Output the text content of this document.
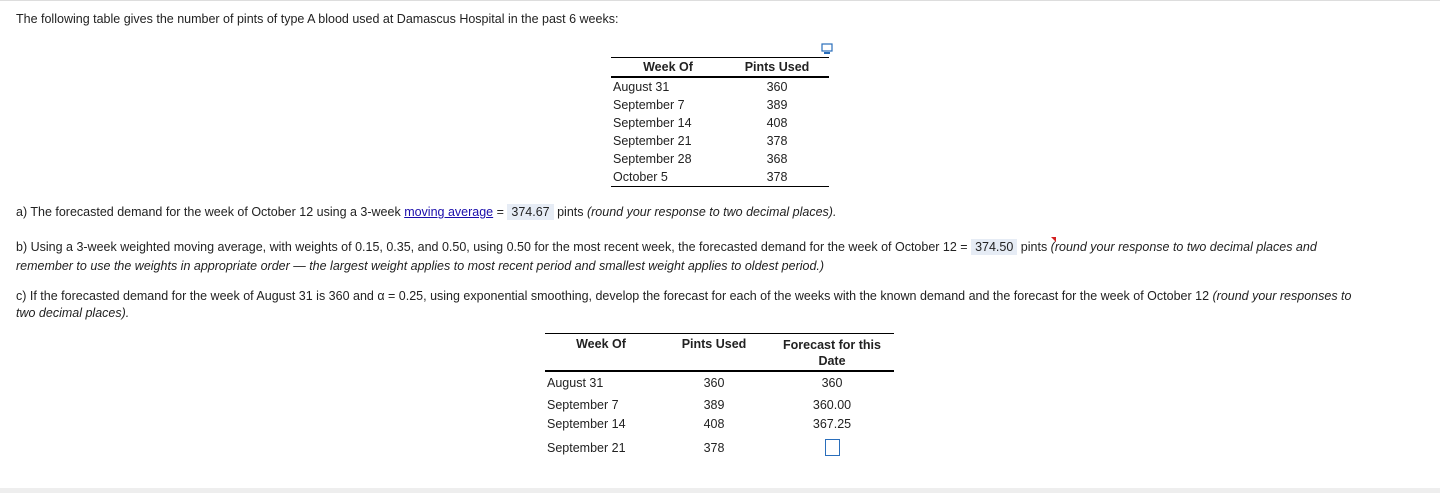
The following table gives the number of pints of type A blood used at Damascus Hospital in the past 6 weeks:
Week Of	Pints Used
August 31	360
September 7	389
September 14	408
September 21	378
September 28	368
October 5	378
a) The forecasted demand for the week of October 12 using a 3-week moving average = 374.67 pints (round your response to two decimal places).
b) Using a 3-week weighted moving average, with weights of 0.15, 0.35, and 0.50, using 0.50 for the most recent week, the forecasted demand for the week of October 12 = 374.50 pints (round your response to two decimal places and
remember to use the weights in appropriate order — the largest weight applies to most recent period and smallest weight applies to oldest period.)
c) If the forecasted demand for the week of August 31 is 360 and α = 0.25, using exponential smoothing, develop the forecast for each of the weeks with the known demand and the forecast for the week of October 12 (round your responses to
two decimal places).
Week Of	Pints Used	Forecast for this Date
August 31	360	360
September 7	389	360.00
September 14	408	367.25
September 21	378
